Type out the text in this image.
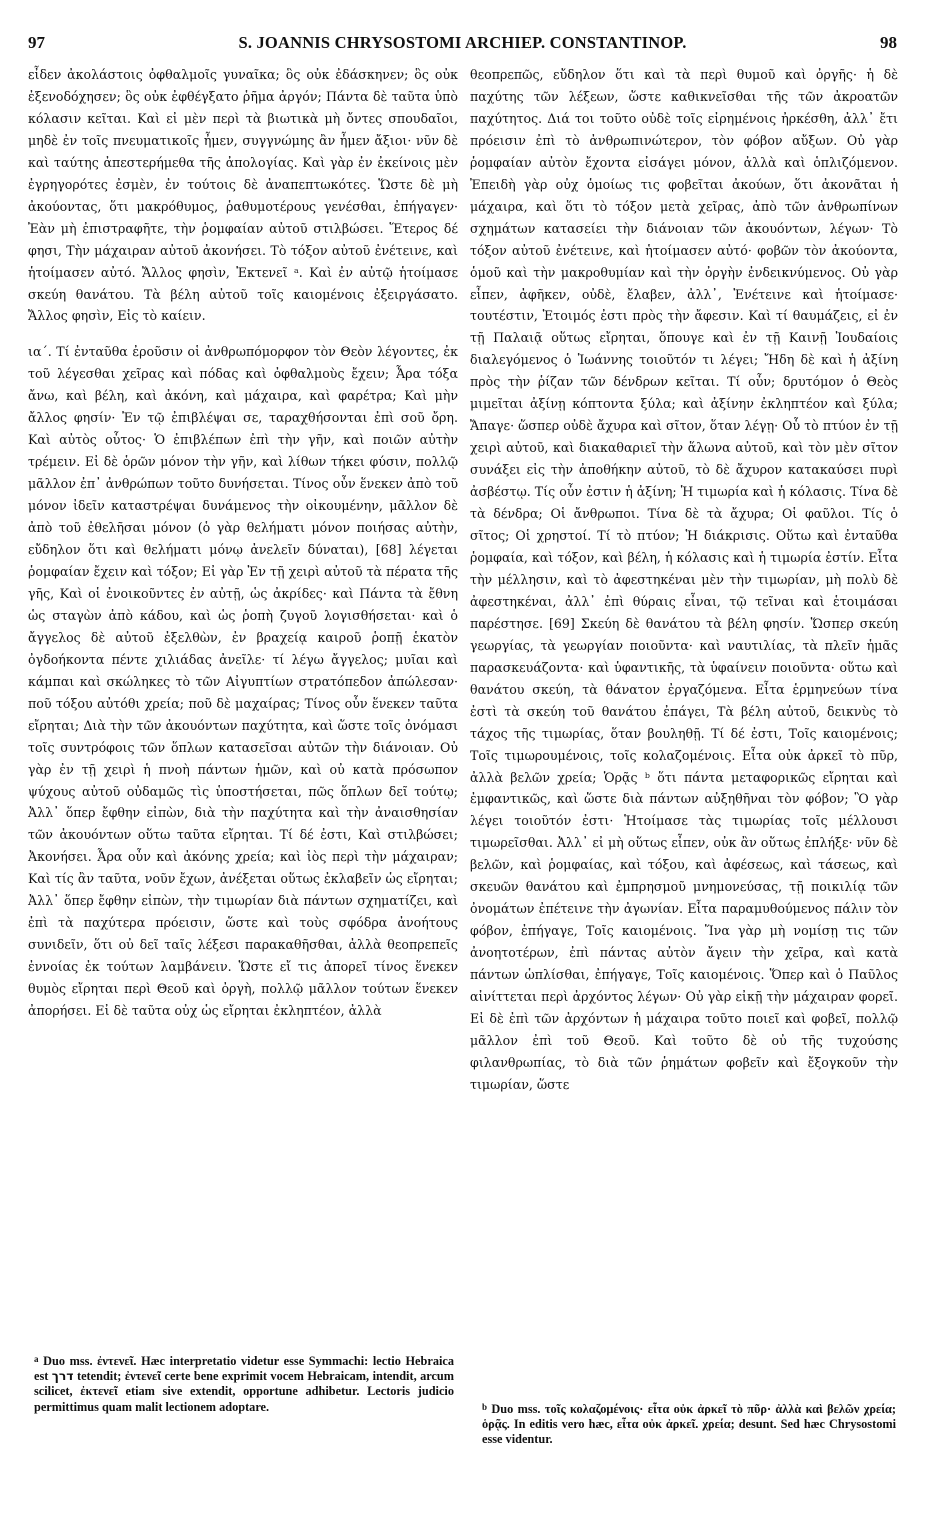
97	S. JOANNIS CHRYSOSTOMI ARCHIEP. CONSTANTINOP.	98

εἶδεν ἀκολάστοις ὀφθαλμοῖς γυναῖκα; ὃς οὐκ ἐδάσκηνεν; ὃς οὐκ ἐξενοδόχησεν; ὃς οὐκ ἐφθέγξατο ῥῆμα ἀργόν; Πάντα δὲ ταῦτα ὑπὸ κόλασιν κεῖται. Καὶ εἰ μὲν περὶ τὰ βιωτικὰ μὴ ὄντες σπουδαῖοι, μηδὲ ἐν τοῖς πνευματικοῖς ἦμεν, συγγνώμης ἂν ἦμεν ἄξιοι· νῦν δὲ καὶ ταύτης ἀπεστερήμεθα τῆς ἀπολογίας. Καὶ γὰρ ἐν ἐκείνοις μὲν ἐγρηγορότες ἐσμὲν, ἐν τούτοις δὲ ἀναπεπτωκότες. Ὥστε δὲ μὴ ἀκούοντας, ὅτι μακρόθυμος, ῥαθυμοτέρους γενέσθαι, ἐπήγαγεν· Ἐὰν μὴ ἐπιστραφῆτε, τὴν ῥομφαίαν αὐτοῦ στιλβώσει. Ἕτερος δέ φησι, Τὴν μάχαιραν αὐτοῦ ἀκονήσει. Τὸ τόξον αὐτοῦ ἐνέτεινε, καὶ ἡτοίμασεν αὐτό. Ἄλλος φησὶν, Ἐκτενεῖ ᵃ. Καὶ ἐν αὐτῷ ἡτοίμασε σκεύη θανάτου. Τὰ βέλη αὐτοῦ τοῖς καιομένοις ἐξειργάσατο. Ἄλλος φησὶν, Εἰς τὸ καίειν.

ια´. Τί ἐνταῦθα ἐροῦσιν οἱ ἀνθρωπόμορφον τὸν Θεὸν λέγοντες, ἐκ τοῦ λέγεσθαι χεῖρας καὶ πόδας καὶ ὀφθαλμοὺς ἔχειν; Ἆρα τόξα ἄνω, καὶ βέλη, καὶ ἀκόνη, καὶ μάχαιρα, καὶ φαρέτρα; Καὶ μὴν ἄλλος φησίν· Ἐν τῷ ἐπιβλέψαι σε, ταραχθήσονται ἐπὶ σοῦ ὄρη. Καὶ αὐτὸς οὗτος· Ὁ ἐπιβλέπων ἐπὶ τὴν γῆν, καὶ ποιῶν αὐτὴν τρέμειν. Εἰ δὲ ὁρῶν μόνον τὴν γῆν, καὶ λίθων τήκει φύσιν, πολλῷ μᾶλλον ἐπ᾽ ἀνθρώπων τοῦτο δυνήσεται. Τίνος οὖν ἕνεκεν ἀπὸ τοῦ μόνον ἰδεῖν καταστρέψαι δυνάμενος τὴν οἰκουμένην, μᾶλλον δὲ ἀπὸ τοῦ ἐθελῆσαι μόνον (ὁ γὰρ θελήματι μόνον ποιήσας αὐτὴν, εὔδηλον ὅτι καὶ θελήματι μόνῳ ἀνελεῖν δύναται), [68] λέγεται ῥομφαίαν ἔχειν καὶ τόξον; Εἰ γὰρ Ἐν τῇ χειρὶ αὐτοῦ τὰ πέρατα τῆς γῆς, Καὶ οἱ ἐνοικοῦντες ἐν αὐτῇ, ὡς ἀκρίδες· καὶ Πάντα τὰ ἔθνη ὡς σταγὼν ἀπὸ κάδου, καὶ ὡς ῥοπὴ ζυγοῦ λογισθήσεται· καὶ ὁ ἄγγελος δὲ αὐτοῦ ἐξελθὼν, ἐν βραχείᾳ καιροῦ ῥοπῇ ἑκατὸν ὀγδοήκοντα πέντε χιλιάδας ἀνεῖλε· τί λέγω ἄγγελος; μυῖαι καὶ κάμπαι καὶ σκώληκες τὸ τῶν Αἰγυπτίων στρατόπεδον ἀπώλεσαν· ποῦ τόξου αὐτόθι χρεία; ποῦ δὲ μαχαίρας; Τίνος οὖν ἕνεκεν ταῦτα εἴρηται; Διὰ τὴν τῶν ἀκουόντων παχύτητα, καὶ ὥστε τοῖς ὀνόμασι τοῖς συντρόφοις τῶν ὅπλων κατασεῖσαι αὐτῶν τὴν διάνοιαν. Οὐ γὰρ ἐν τῇ χειρὶ ἡ πνοὴ πάντων ἡμῶν, καὶ οὐ κατὰ πρόσωπον ψύχους αὐτοῦ οὐδαμῶς τὶς ὑποστήσεται, πῶς ὅπλων δεῖ τούτῳ; Ἀλλ᾽ ὅπερ ἔφθην εἰπὼν, διὰ τὴν παχύτητα καὶ τὴν ἀναισθησίαν τῶν ἀκουόντων οὕτω ταῦτα εἴρηται. Τί δέ ἐστι, Καὶ στιλβώσει; Ἀκονήσει. Ἆρα οὖν καὶ ἀκόνης χρεία; καὶ ἰὸς περὶ τὴν μάχαιραν; Καὶ τίς ἂν ταῦτα, νοῦν ἔχων, ἀνέξεται οὕτως ἐκλαβεῖν ὡς εἴρηται; Ἀλλ᾽ ὅπερ ἔφθην εἰπὼν, τὴν τιμωρίαν διὰ πάντων σχηματίζει, καὶ ἐπὶ τὰ παχύτερα πρόεισιν, ὥστε καὶ τοὺς σφόδρα ἀνοήτους συνιδεῖν, ὅτι οὐ δεῖ ταῖς λέξεσι παρακαθῆσθαι, ἀλλὰ θεοπρεπεῖς ἐννοίας ἐκ τούτων λαμβάνειν. Ὥστε εἴ τις ἀπορεῖ τίνος ἕνεκεν θυμὸς εἴρηται περὶ Θεοῦ καὶ ὀργὴ, πολλῷ μᾶλλον τούτων ἕνεκεν ἀπορήσει. Εἰ δὲ ταῦτα οὐχ ὡς εἴρηται ἐκληπτέον, ἀλλὰ

θεοπρεπῶς, εὔδηλον ὅτι καὶ τὰ περὶ θυμοῦ καὶ ὀργῆς· ἡ δὲ παχύτης τῶν λέξεων, ὥστε καθικνεῖσθαι τῆς τῶν ἀκροατῶν παχύτητος. Διά τοι τοῦτο οὐδὲ τοῖς εἰρημένοις ἠρκέσθη, ἀλλ᾽ ἔτι πρόεισιν ἐπὶ τὸ ἀνθρωπινώτερον, τὸν φόβον αὔξων. Οὐ γὰρ ῥομφαίαν αὐτὸν ἔχοντα εἰσάγει μόνον, ἀλλὰ καὶ ὁπλιζόμενον. Ἐπειδὴ γὰρ οὐχ ὁμοίως τις φοβεῖται ἀκούων, ὅτι ἀκονᾶται ἡ μάχαιρα, καὶ ὅτι τὸ τόξον μετὰ χεῖρας, ἀπὸ τῶν ἀνθρωπίνων σχημάτων κατασείει τὴν διάνοιαν τῶν ἀκουόντων, λέγων· Τὸ τόξον αὐτοῦ ἐνέτεινε, καὶ ἡτοίμασεν αὐτό· φοβῶν τὸν ἀκούοντα, ὁμοῦ καὶ τὴν μακροθυμίαν καὶ τὴν ὀργὴν ἐνδεικνύμενος. Οὐ γὰρ εἶπεν, ἀφῆκεν, οὐδὲ, ἔλαβεν, ἀλλ᾽, Ἐνέτεινε καὶ ἡτοίμασε· τουτέστιν, Ἑτοιμός ἐστι πρὸς τὴν ἄφεσιν. Καὶ τί θαυμάζεις, εἰ ἐν τῇ Παλαιᾷ οὕτως εἴρηται, ὅπουγε καὶ ἐν τῇ Καινῇ Ἰουδαίοις διαλεγόμενος ὁ Ἰωάννης τοιοῦτόν τι λέγει; Ἤδη δὲ καὶ ἡ ἀξίνη πρὸς τὴν ῥίζαν τῶν δένδρων κεῖται. Τί οὖν; δρυτόμον ὁ Θεὸς μιμεῖται ἀξίνῃ κόπτοντα ξύλα; καὶ ἀξίνην ἐκληπτέον καὶ ξύλα; Ἄπαγε· ὥσπερ οὐδὲ ἄχυρα καὶ σῖτον, ὅταν λέγῃ· Οὗ τὸ πτύον ἐν τῇ χειρὶ αὐτοῦ, καὶ διακαθαριεῖ τὴν ἅλωνα αὐτοῦ, καὶ τὸν μὲν σῖτον συνάξει εἰς τὴν ἀποθήκην αὐτοῦ, τὸ δὲ ἄχυρον κατακαύσει πυρὶ ἀσβέστῳ. Τίς οὖν ἐστιν ἡ ἀξίνη; Ἡ τιμωρία καὶ ἡ κόλασις. Τίνα δὲ τὰ δένδρα; Οἱ ἄνθρωποι. Τίνα δὲ τὰ ἄχυρα; Οἱ φαῦλοι. Τίς ὁ σῖτος; Οἱ χρηστοί. Τί τὸ πτύον; Ἡ διάκρισις. Οὕτω καὶ ἐνταῦθα ῥομφαία, καὶ τόξον, καὶ βέλη, ἡ κόλασις καὶ ἡ τιμωρία ἐστίν. Εἶτα τὴν μέλλησιν, καὶ τὸ ἀφεστηκέναι μὲν τὴν τιμωρίαν, μὴ πολὺ δὲ ἀφεστηκέναι, ἀλλ᾽ ἐπὶ θύραις εἶναι, τῷ τεῖναι καὶ ἑτοιμάσαι παρέστησε. [69] Σκεύη δὲ θανάτου τὰ βέλη φησίν. Ὥσπερ σκεύη γεωργίας, τὰ γεωργίαν ποιοῦντα· καὶ ναυτιλίας, τὰ πλεῖν ἡμᾶς παρασκευάζοντα· καὶ ὑφαντικῆς, τὰ ὑφαίνειν ποιοῦντα· οὕτω καὶ θανάτου σκεύη, τὰ θάνατον ἐργαζόμενα. Εἶτα ἑρμηνεύων τίνα ἐστὶ τὰ σκεύη τοῦ θανάτου ἐπάγει, Τὰ βέλη αὐτοῦ, δεικνὺς τὸ τάχος τῆς τιμωρίας, ὅταν βουληθῇ. Τί δέ ἐστι, Τοῖς καιομένοις; Τοῖς τιμωρουμένοις, τοῖς κολαζομένοις. Εἶτα οὐκ ἀρκεῖ τὸ πῦρ, ἀλλὰ βελῶν χρεία; Ὁρᾷς ᵇ ὅτι πάντα μεταφορικῶς εἴρηται καὶ ἐμφαντικῶς, καὶ ὥστε διὰ πάντων αὐξηθῆναι τὸν φόβον; Ὃ γὰρ λέγει τοιοῦτόν ἐστι· Ἡτοίμασε τὰς τιμωρίας τοῖς μέλλουσι τιμωρεῖσθαι. Ἀλλ᾽ εἰ μὴ οὕτως εἶπεν, οὐκ ἂν οὕτως ἐπλήξε· νῦν δὲ βελῶν, καὶ ῥομφαίας, καὶ τόξου, καὶ ἀφέσεως, καὶ τάσεως, καὶ σκευῶν θανάτου καὶ ἐμπρησμοῦ μνημονεύσας, τῇ ποικιλίᾳ τῶν ὀνομάτων ἐπέτεινε τὴν ἀγωνίαν. Εἶτα παραμυθούμενος πάλιν τὸν φόβον, ἐπήγαγε, Τοῖς καιομένοις. Ἵνα γὰρ μὴ νομίσῃ τις τῶν ἀνοητοτέρων, ἐπὶ πάντας αὐτὸν ἄγειν τὴν χεῖρα, καὶ κατὰ πάντων ὡπλίσθαι, ἐπήγαγε, Τοῖς καιομένοις. Ὅπερ καὶ ὁ Παῦλος αἰνίττεται περὶ ἀρχόντος λέγων· Οὐ γὰρ εἰκῇ τὴν μάχαιραν φορεῖ. Εἰ δὲ ἐπὶ τῶν ἀρχόντων ἡ μάχαιρα τοῦτο ποιεῖ καὶ φοβεῖ, πολλῷ μᾶλλον ἐπὶ τοῦ Θεοῦ. Καὶ τοῦτο δὲ οὐ τῆς τυχούσης φιλανθρωπίας, τὸ διὰ τῶν ῥημάτων φοβεῖν καὶ ἔξογκοῦν τὴν τιμωρίαν, ὥστε

$^a$ Duo mss. ἐντενεῖ. Hæc interpretatio videtur esse Symmachi: lectio Hebraica est דרך tetendit; ἐντενεῖ certe bene exprimit vocem Hebraicam, intendit, arcum scilicet, ἐκτενεῖ etiam sive extendit, opportune adhibetur. Lectoris judicio permittimus quam malit lectionem adoptare.	$^b$ Duo mss. τοῖς κολαζομένοις· εἶτα οὐκ ἀρκεῖ τὸ πῦρ· ἀλλὰ καὶ βελῶν χρεία; ὁρᾷς. In editis vero hæc, εἶτα οὐκ ἀρκεῖ. χρεία; desunt. Sed hæc Chrysostomi esse videntur.
